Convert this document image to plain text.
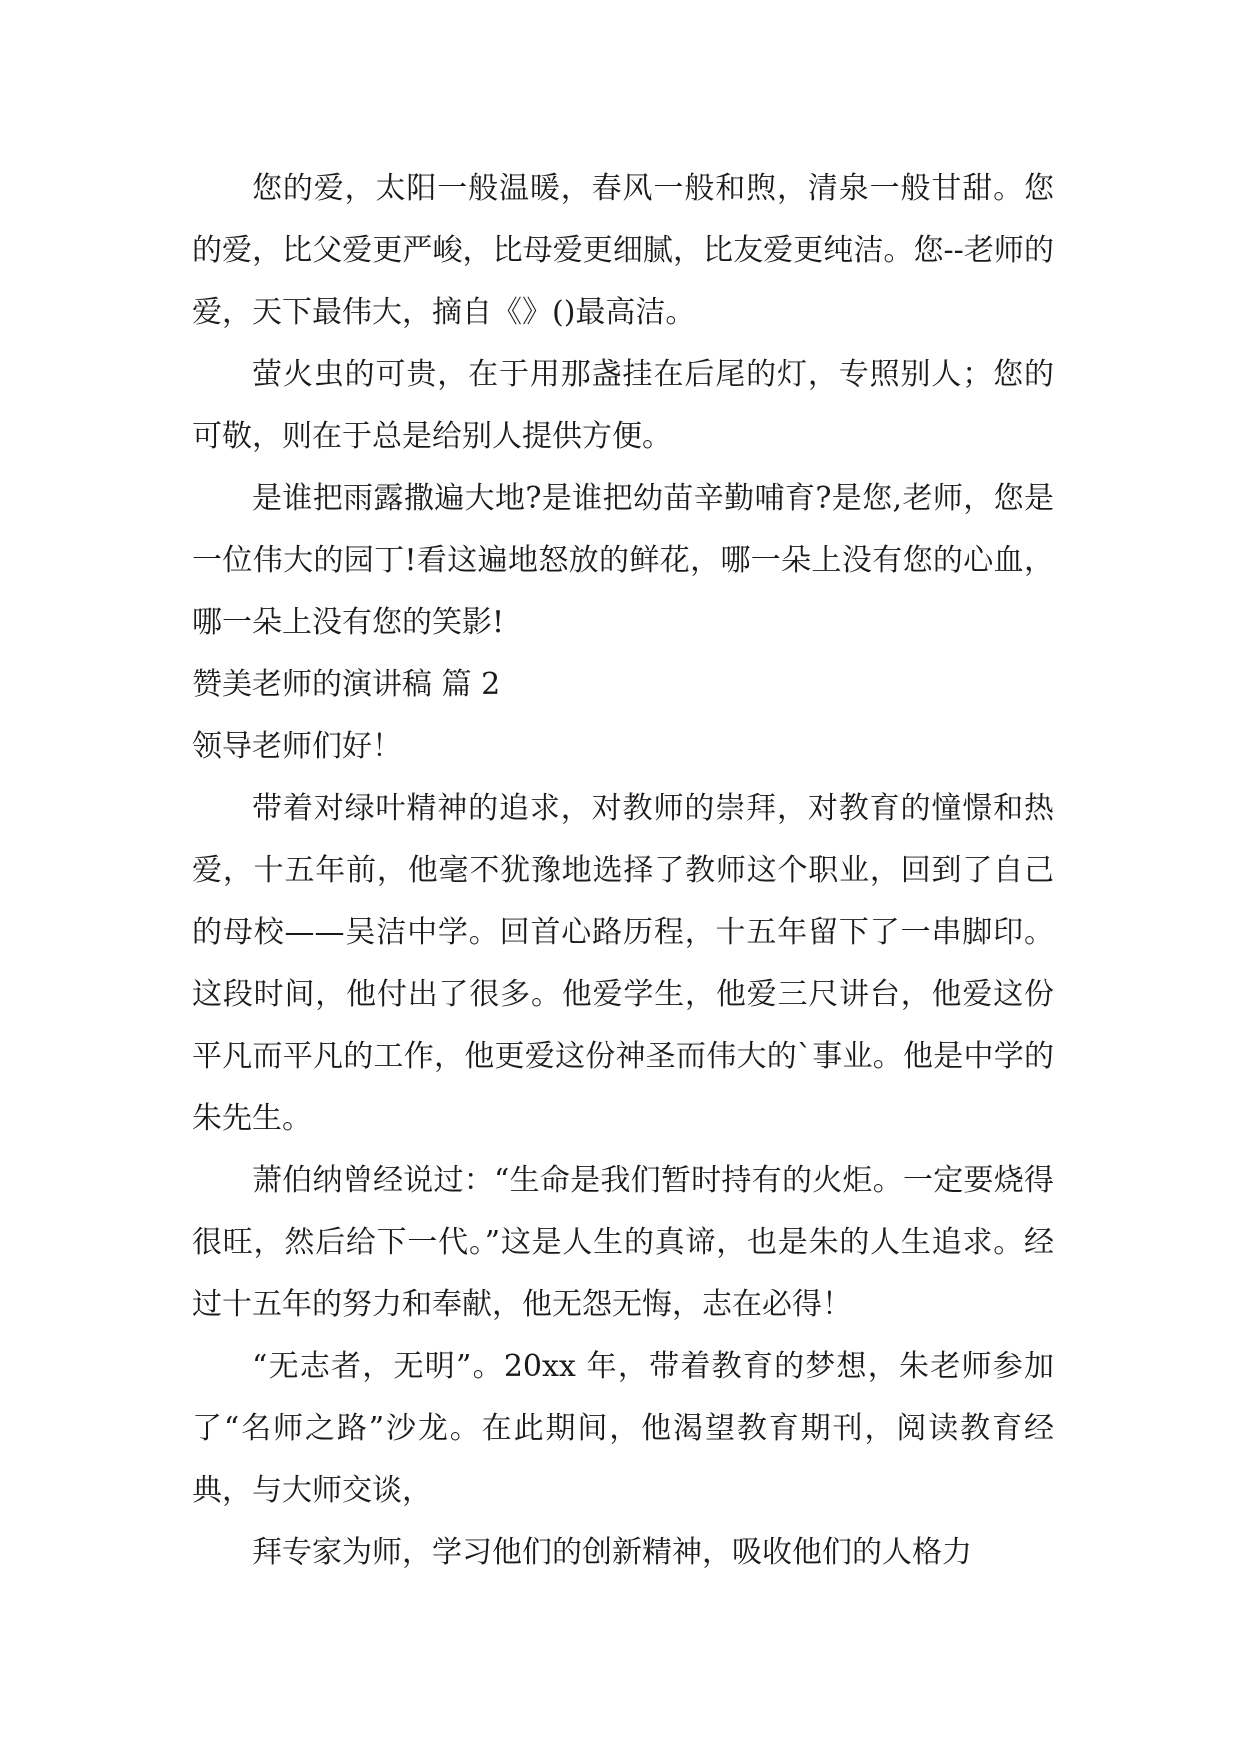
您的爱，太阳一般温暖，春风一般和煦，清泉一般甘甜。您的爱，比父爱更严峻，比母爱更细腻，比友爱更纯洁。您--老师的爱，天下最伟大，摘自《》()最高洁。

萤火虫的可贵，在于用那盏挂在后尾的灯，专照别人；您的可敬，则在于总是给别人提供方便。

是谁把雨露撒遍大地?是谁把幼苗辛勤哺育?是您,老师，您是一位伟大的园丁!看这遍地怒放的鲜花，哪一朵上没有您的心血，哪一朵上没有您的笑影!

赞美老师的演讲稿 篇 2

领导老师们好！

带着对绿叶精神的追求，对教师的崇拜，对教育的憧憬和热爱，十五年前，他毫不犹豫地选择了教师这个职业，回到了自己的母校——吴洁中学。回首心路历程，十五年留下了一串脚印。这段时间，他付出了很多。他爱学生，他爱三尺讲台，他爱这份平凡而平凡的工作，他更爱这份神圣而伟大的`事业。他是中学的朱先生。

萧伯纳曾经说过：“生命是我们暂时持有的火炬。一定要烧得很旺，然后给下一代。”这是人生的真谛，也是朱的人生追求。经过十五年的努力和奉献，他无怨无悔，志在必得！

“无志者，无明”。20xx 年，带着教育的梦想，朱老师参加了“名师之路”沙龙。在此期间，他渴望教育期刊，阅读教育经典，与大师交谈，

拜专家为师，学习他们的创新精神，吸收他们的人格力
